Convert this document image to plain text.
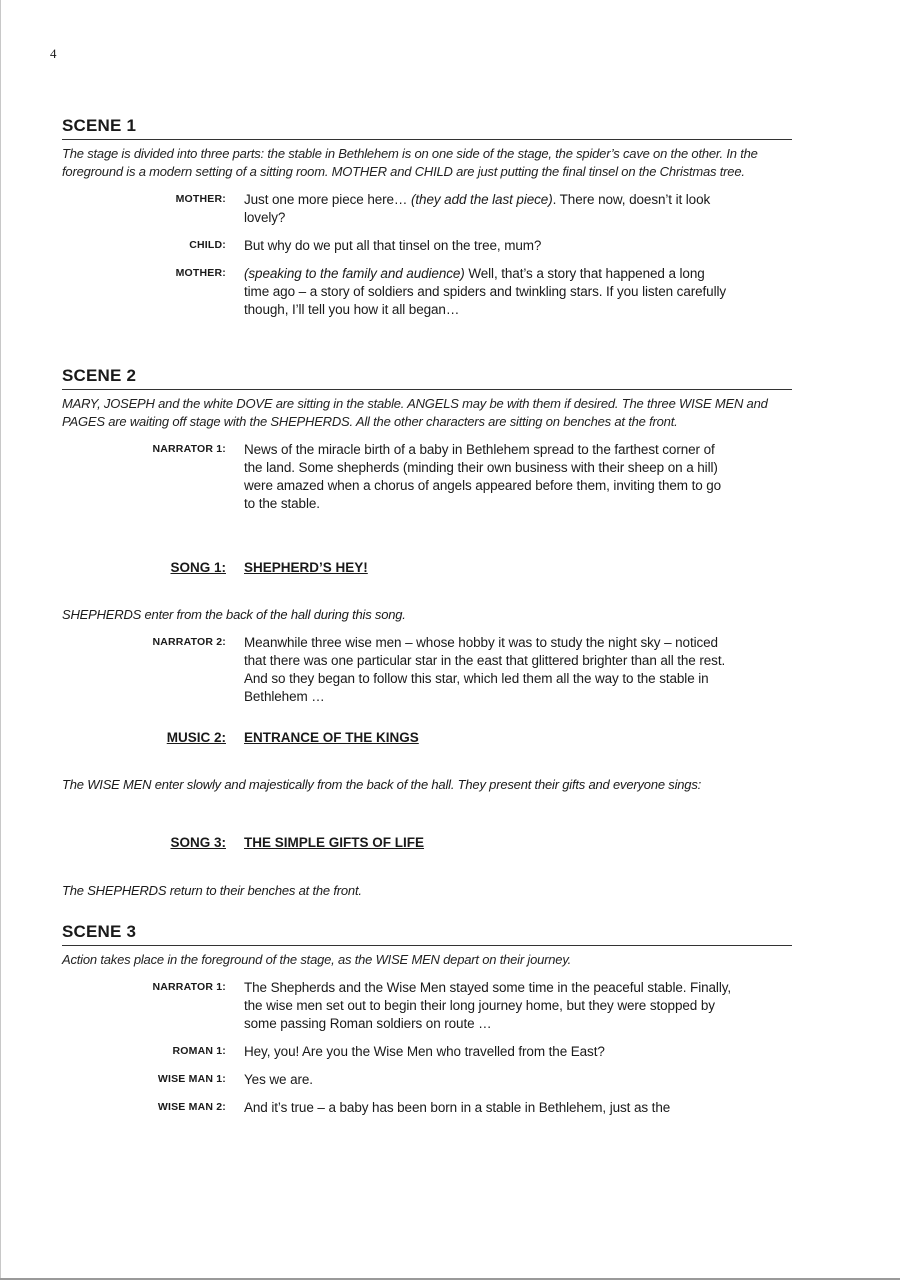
4
SCENE 1

The stage is divided into three parts: the stable in Bethlehem is on one side of the stage, the spider’s cave on the other. In the foreground is a modern setting of a sitting room. MOTHER and CHILD are just putting the final tinsel on the Christmas tree.

MOTHER:	Just one more piece here… (they add the last piece). There now, doesn’t it look lovely?
CHILD:	But why do we put all that tinsel on the tree, mum?
MOTHER:	(speaking to the family and audience) Well, that’s a story that happened a long time ago – a story of soldiers and spiders and twinkling stars. If you listen carefully though, I’ll tell you how it all began…
SCENE 2

MARY, JOSEPH and the white DOVE are sitting in the stable. ANGELS may be with them if desired. The three WISE MEN and PAGES are waiting off stage with the SHEPHERDS. All the other characters are sitting on benches at the front.

NARRATOR 1:	News of the miracle birth of a baby in Bethlehem spread to the farthest corner of the land. Some shepherds (minding their own business with their sheep on a hill) were amazed when a chorus of angels appeared before them, inviting them to go to the stable.
SONG 1:	SHEPHERD’S HEY!
SHEPHERDS enter from the back of the hall during this song.
NARRATOR 2:	Meanwhile three wise men – whose hobby it was to study the night sky – noticed that there was one particular star in the east that glittered brighter than all the rest. And so they began to follow this star, which led them all the way to the stable in Bethlehem …
MUSIC 2:	ENTRANCE OF THE KINGS
The WISE MEN enter slowly and majestically from the back of the hall. They present their gifts and everyone sings:
SONG 3:	THE SIMPLE GIFTS OF LIFE
The SHEPHERDS return to their benches at the front.
SCENE 3

Action takes place in the foreground of the stage, as the WISE MEN depart on their journey.

NARRATOR 1:	The Shepherds and the Wise Men stayed some time in the peaceful stable. Finally, the wise men set out to begin their long journey home, but they were stopped by some passing Roman soldiers on route …
ROMAN 1:	Hey, you! Are you the Wise Men who travelled from the East?
WISE MAN 1:	Yes we are.
WISE MAN 2:	And it’s true – a baby has been born in a stable in Bethlehem, just as the
